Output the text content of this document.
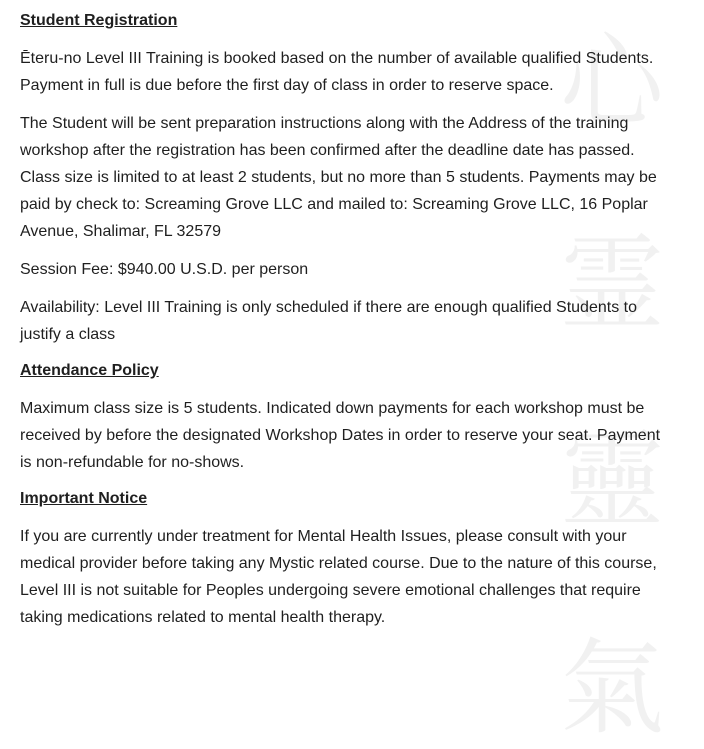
心
霊
靈
氣
Student Registration

Ēteru-no Level III Training is booked based on the number of available qualified Students. Payment in full is due before the first day of class in order to reserve space.

The Student will be sent preparation instructions along with the Address of the training workshop after the registration has been confirmed after the deadline date has passed. Class size is limited to at least 2 students, but no more than 5 students. Payments may be paid by check to: Screaming Grove LLC and mailed to: Screaming Grove LLC, 16 Poplar Avenue, Shalimar, FL 32579

Session Fee: $940.00 U.S.D. per person

Availability: Level III Training is only scheduled if there are enough qualified Students to justify a class

Attendance Policy

Maximum class size is 5 students. Indicated down payments for each workshop must be received by before the designated Workshop Dates in order to reserve your seat. Payment is non-refundable for no-shows.

Important Notice

If you are currently under treatment for Mental Health Issues, please consult with your medical provider before taking any Mystic related course. Due to the nature of this course, Level III is not suitable for Peoples undergoing severe emotional challenges that require taking medications related to mental health therapy.
